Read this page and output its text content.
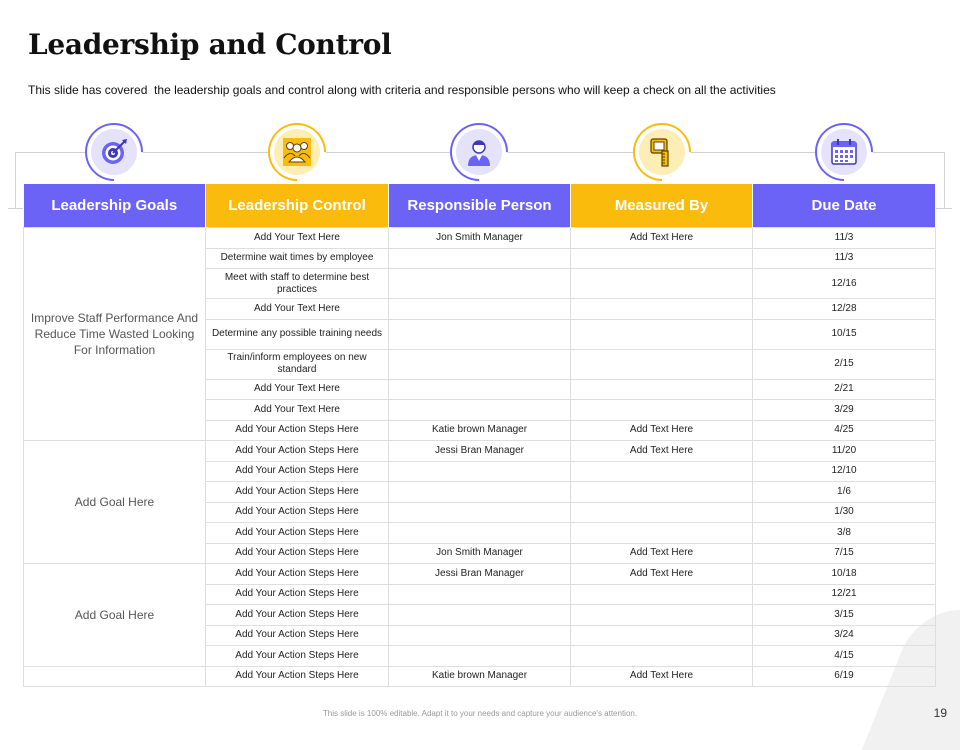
Leadership and Control

This slide has covered  the leadership goals and control along with criteria and responsible persons who will keep a check on all the activities

Leadership Goals	Leadership Control	Responsible Person	Measured By	Due Date
Improve Staff Performance And Reduce Time Wasted Looking For Information	Add Your Text Here	Jon Smith Manager	Add Text Here	11/3
	Determine wait times by employee			11/3
	Meet with staff to determine best practices			12/16
	Add Your Text Here			12/28
	Determine any possible training needs			10/15
	Train/inform employees on new standard			2/15
	Add Your Text Here			2/21
	Add Your Text Here			3/29
	Add Your Action Steps Here	Katie brown Manager	Add Text Here	4/25
Add Goal Here	Add Your Action Steps Here	Jessi Bran Manager	Add Text Here	11/20
	Add Your Action Steps Here			12/10
	Add Your Action Steps Here			1/6
	Add Your Action Steps Here			1/30
	Add Your Action Steps Here			3/8
	Add Your Action Steps Here	Jon Smith Manager	Add Text Here	7/15
Add Goal Here	Add Your Action Steps Here	Jessi Bran Manager	Add Text Here	10/18
	Add Your Action Steps Here			12/21
	Add Your Action Steps Here			3/15
	Add Your Action Steps Here			3/24
	Add Your Action Steps Here			4/15
	Add Your Action Steps Here	Katie brown Manager	Add Text Here	6/19
This slide is 100% editable. Adapt it to your needs and capture your audience's attention.	19
